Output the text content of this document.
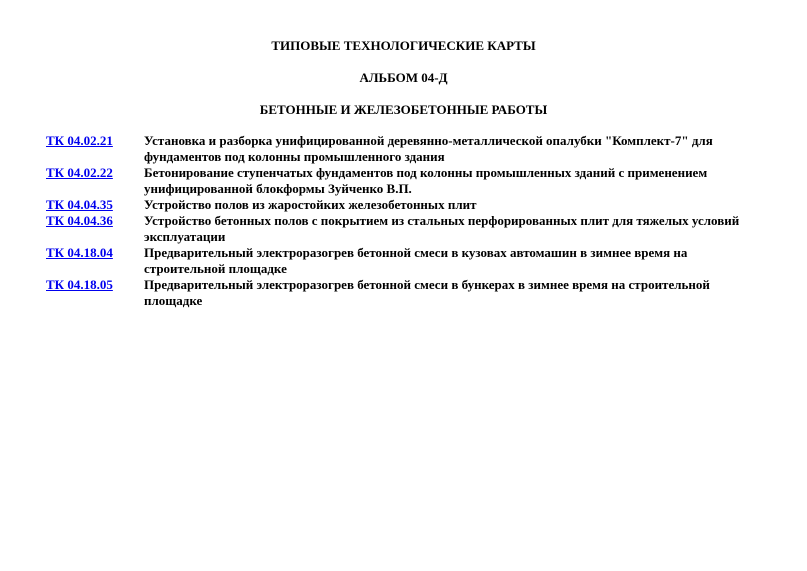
ТИПОВЫЕ ТЕХНОЛОГИЧЕСКИЕ КАРТЫ
АЛЬБОМ 04-Д
БЕТОННЫЕ И ЖЕЛЕЗОБЕТОННЫЕ РАБОТЫ
ТК 04.02.21	Установка и разборка унифицированной деревянно-металлической опалубки "Комплект-7" для фундаментов под колонны промышленного здания
ТК 04.02.22	Бетонирование ступенчатых фундаментов под колонны промышленных зданий с применением унифицированной блокформы Зуйченко В.П.
ТК 04.04.35	Устройство полов из жаростойких железобетонных плит
ТК 04.04.36	Устройство бетонных полов с покрытием из стальных перфорированных плит для тяжелых условий эксплуатации
ТК 04.18.04	Предварительный электроразогрев бетонной смеси в кузовах автомашин в зимнее время на строительной площадке
ТК 04.18.05	Предварительный электроразогрев бетонной смеси в бункерах в зимнее время на строительной площадке
